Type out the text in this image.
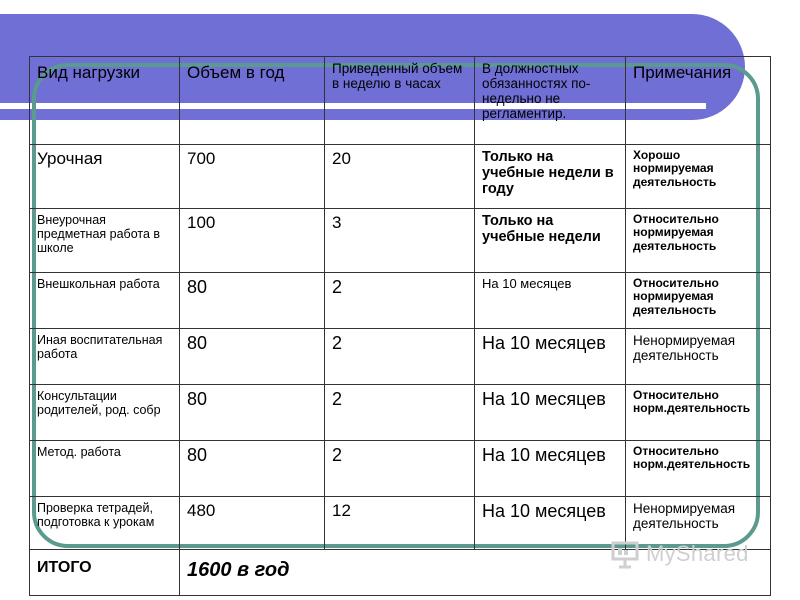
Вид нагрузки	Объем в год	Приведенный объем в неделю в часах	В должностных обязанностях по-недельно не регламентир.	Примечания
Урочная	700	20	Только на учебные недели в году	Хорошо нормируемая деятельность
Внеурочная предметная работа в школе	100	3	Только на учебные недели	Относительно нормируемая деятельность
Внешкольная работа	80	2	На 10 месяцев	Относительно нормируемая деятельность
Иная воспитательная работа	80	2	На 10 месяцев	Ненормируемая деятельность
Консультации родителей, род. собр	80	2	На 10 месяцев	Относительно норм.деятельность
Метод. работа	80	2	На 10 месяцев	Относительно норм.деятельность
Проверка тетрадей, подготовка к урокам	480	12	На 10 месяцев	Ненормируемая деятельность
ИТОГО	1600 в год			
MyShared
